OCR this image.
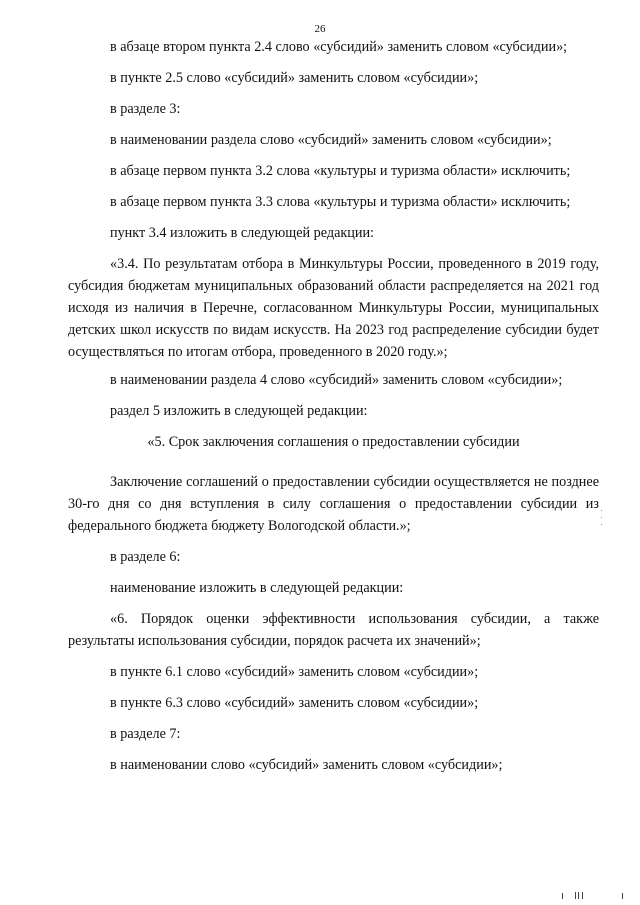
26

в абзаце втором пункта 2.4 слово «субсидий» заменить словом «субсидии»;

в пункте 2.5 слово «субсидий» заменить словом «субсидии»;

в разделе 3:

в наименовании раздела слово «субсидий» заменить словом «субсидии»;

в абзаце первом пункта 3.2 слова «культуры и туризма области» исключить;

в абзаце первом пункта 3.3 слова «культуры и туризма области» исключить;

пункт 3.4 изложить в следующей редакции:

«3.4. По результатам отбора в Минкультуры России, проведенного в 2019 году, субсидия бюджетам муниципальных образований области распределяется на 2021 год исходя из наличия в Перечне, согласованном Минкультуры России, муниципальных детских школ искусств по видам искусств. На 2023 год распределение субсидии будет осуществляться по итогам отбора, проведенного в 2020 году.»;

в наименовании раздела 4 слово «субсидий» заменить словом «субсидии»;

раздел 5 изложить в следующей редакции:

«5. Срок заключения соглашения о предоставлении субсидии

Заключение соглашений о предоставлении субсидии осуществляется не позднее 30-го дня со дня вступления в силу соглашения о предоставлении субсидии из федерального бюджета бюджету Вологодской области.»;

в разделе 6:

наименование изложить в следующей редакции:

«6. Порядок оценки эффективности использования субсидии, а также результаты использования субсидии, порядок расчета их значений»;

в пункте 6.1 слово «субсидий» заменить словом «субсидии»;

в пункте 6.3 слово «субсидий» заменить словом «субсидии»;

в разделе 7:

в наименовании слово «субсидий» заменить словом «субсидии»;
